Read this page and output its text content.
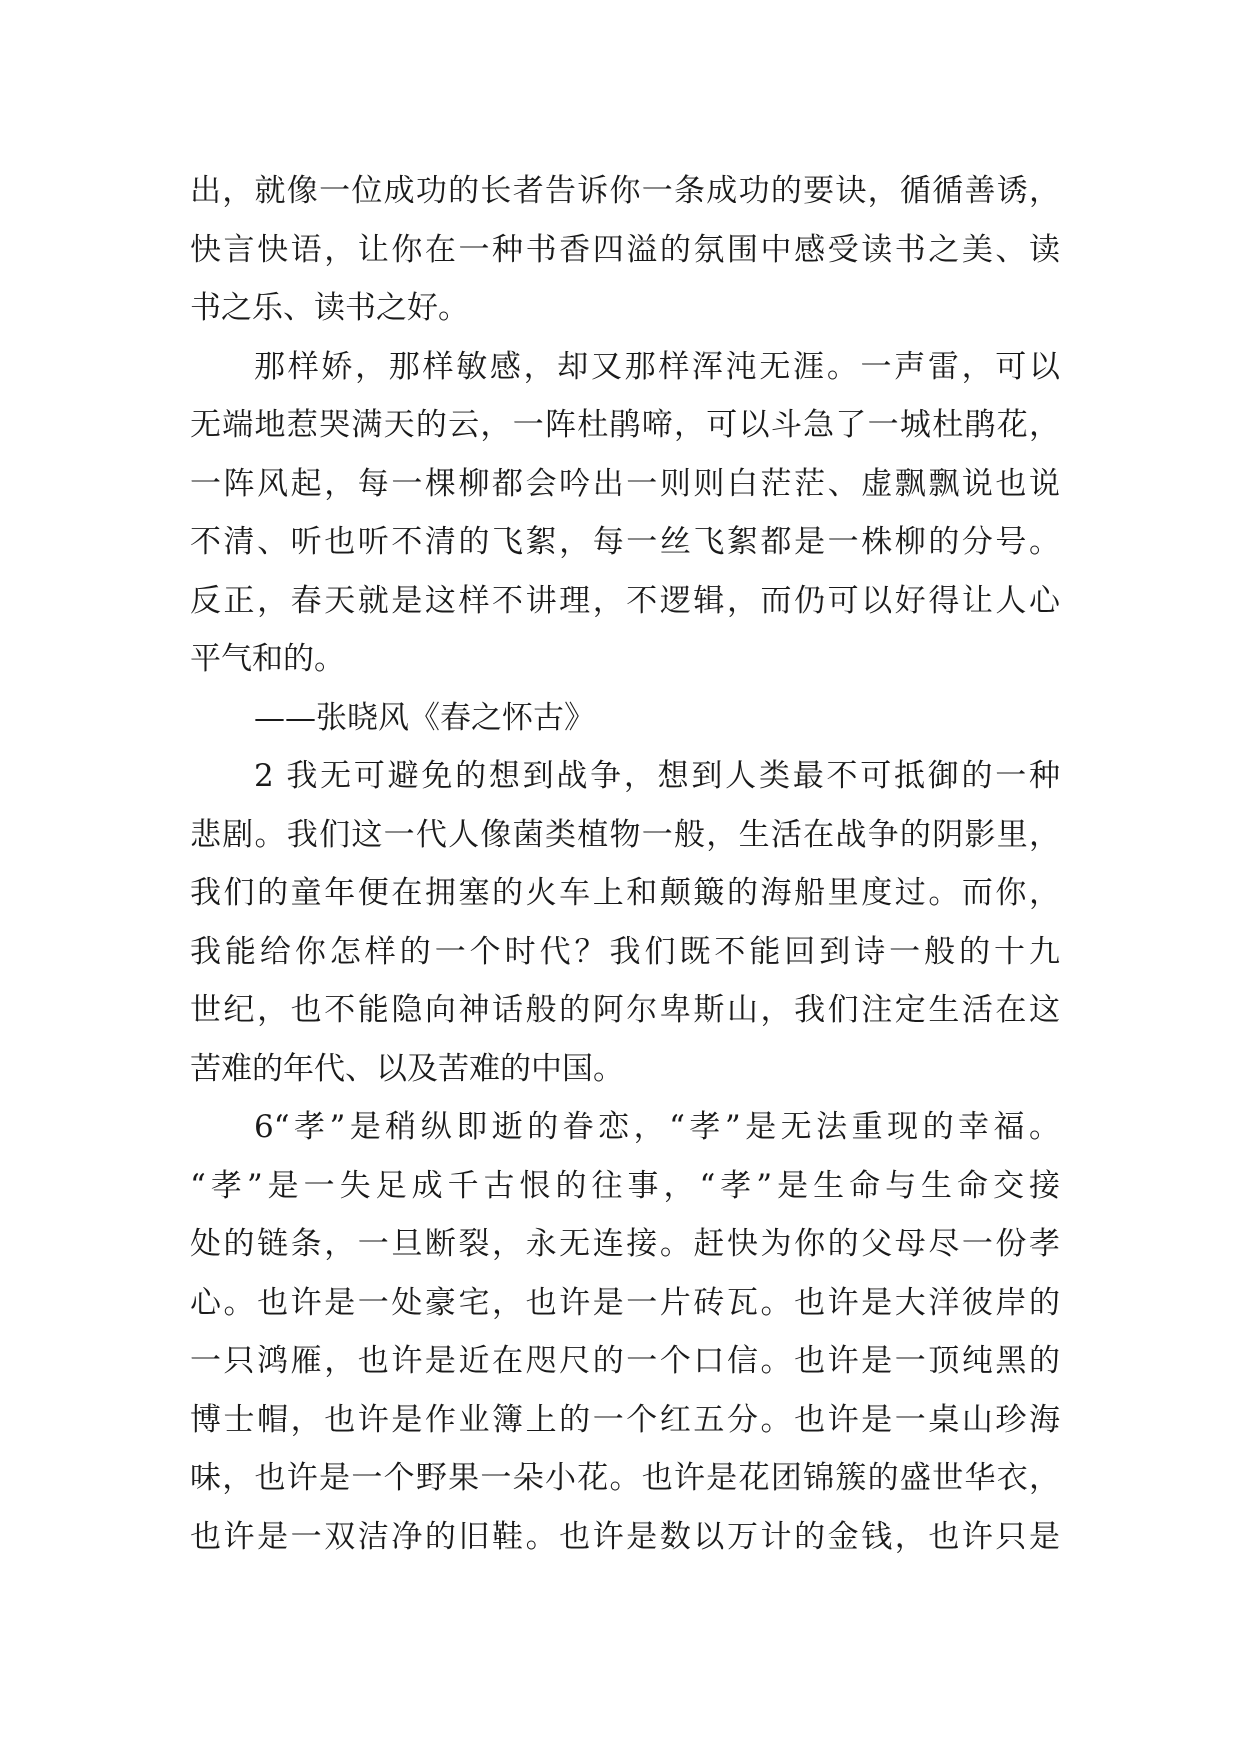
出，就像一位成功的长者告诉你一条成功的要诀，循循善诱，
快言快语，让你在一种书香四溢的氛围中感受读书之美、读
书之乐、读书之好。
那样娇，那样敏感，却又那样浑沌无涯。一声雷，可以
无端地惹哭满天的云，一阵杜鹃啼，可以斗急了一城杜鹃花，
一阵风起，每一棵柳都会吟出一则则白茫茫、虚飘飘说也说
不清、听也听不清的飞絮，每一丝飞絮都是一株柳的分号。
反正，春天就是这样不讲理，不逻辑，而仍可以好得让人心
平气和的。
——张晓风《春之怀古》
2 我无可避免的想到战争，想到人类最不可抵御的一种
悲剧。我们这一代人像菌类植物一般，生活在战争的阴影里，
我们的童年便在拥塞的火车上和颠簸的海船里度过。而你，
我能给你怎样的一个时代？我们既不能回到诗一般的十九
世纪，也不能隐向神话般的阿尔卑斯山，我们注定生活在这
苦难的年代、以及苦难的中国。
6“孝”是稍纵即逝的眷恋，“孝”是无法重现的幸福。
“孝”是一失足成千古恨的往事，“孝”是生命与生命交接
处的链条，一旦断裂，永无连接。赶快为你的父母尽一份孝
心。也许是一处豪宅，也许是一片砖瓦。也许是大洋彼岸的
一只鸿雁，也许是近在咫尺的一个口信。也许是一顶纯黑的
博士帽，也许是作业簿上的一个红五分。也许是一桌山珍海
味，也许是一个野果一朵小花。也许是花团锦簇的盛世华衣，
也许是一双洁净的旧鞋。也许是数以万计的金钱，也许只是
